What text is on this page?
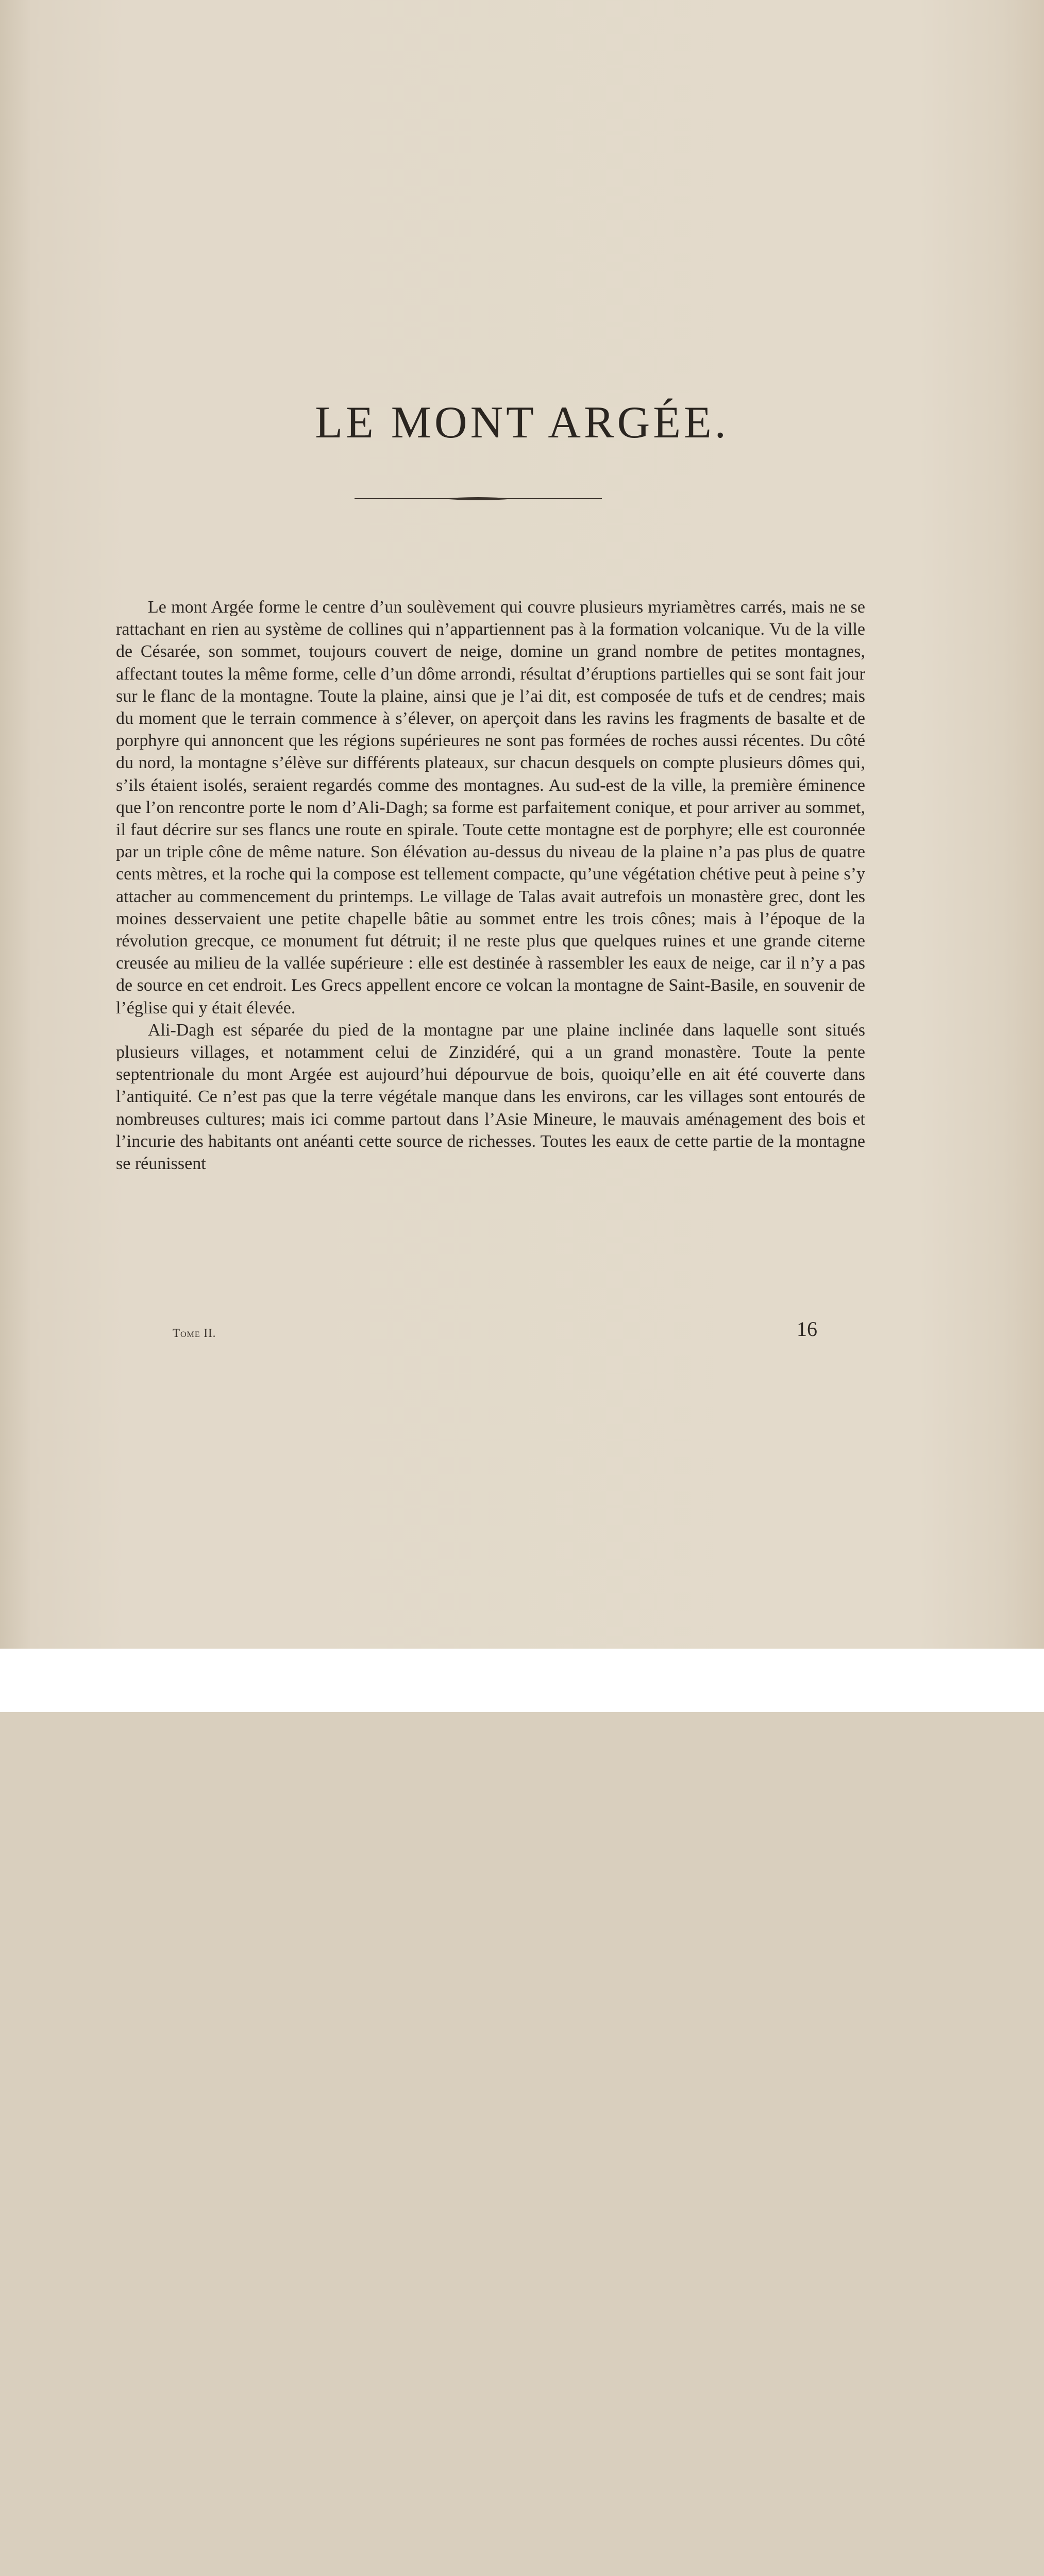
LE MONT ARGÉE.

Le mont Argée forme le centre d’un soulèvement qui couvre plusieurs myriamètres carrés, mais ne se rattachant en rien au système de collines qui n’appartiennent pas à la formation volcanique. Vu de la ville de Césarée, son sommet, toujours couvert de neige, domine un grand nombre de petites montagnes, affectant toutes la même forme, celle d’un dôme arrondi, résultat d’éruptions partielles qui se sont fait jour sur le flanc de la montagne. Toute la plaine, ainsi que je l’ai dit, est composée de tufs et de cendres; mais du moment que le terrain commence à s’élever, on aperçoit dans les ravins les fragments de basalte et de porphyre qui annoncent que les régions supérieures ne sont pas formées de roches aussi récentes. Du côté du nord, la montagne s’élève sur différents plateaux, sur chacun desquels on compte plusieurs dômes qui, s’ils étaient isolés, seraient regardés comme des montagnes. Au sud-est de la ville, la première éminence que l’on rencontre porte le nom d’Ali-Dagh; sa forme est parfaitement conique, et pour arriver au sommet, il faut décrire sur ses flancs une route en spirale. Toute cette montagne est de porphyre; elle est couronnée par un triple cône de même nature. Son élévation au-dessus du niveau de la plaine n’a pas plus de quatre cents mètres, et la roche qui la compose est tellement compacte, qu’une végétation chétive peut à peine s’y attacher au commencement du printemps. Le village de Talas avait autrefois un monastère grec, dont les moines desservaient une petite chapelle bâtie au sommet entre les trois cônes; mais à l’époque de la révolution grecque, ce monument fut détruit; il ne reste plus que quelques ruines et une grande citerne creusée au milieu de la vallée supérieure : elle est destinée à rassembler les eaux de neige, car il n’y a pas de source en cet endroit. Les Grecs appellent encore ce volcan la montagne de Saint-Basile, en souvenir de l’église qui y était élevée.

Ali-Dagh est séparée du pied de la montagne par une plaine inclinée dans laquelle sont situés plusieurs villages, et notamment celui de Zinzidéré, qui a un grand monastère. Toute la pente septentrionale du mont Argée est aujourd’hui dépourvue de bois, quoiqu’elle en ait été couverte dans l’antiquité. Ce n’est pas que la terre végétale manque dans les environs, car les villages sont entourés de nombreuses cultures; mais ici comme partout dans l’Asie Mineure, le mauvais aménagement des bois et l’incurie des habitants ont anéanti cette source de richesses. Toutes les eaux de cette partie de la montagne se réunissent

Tome II.	16
